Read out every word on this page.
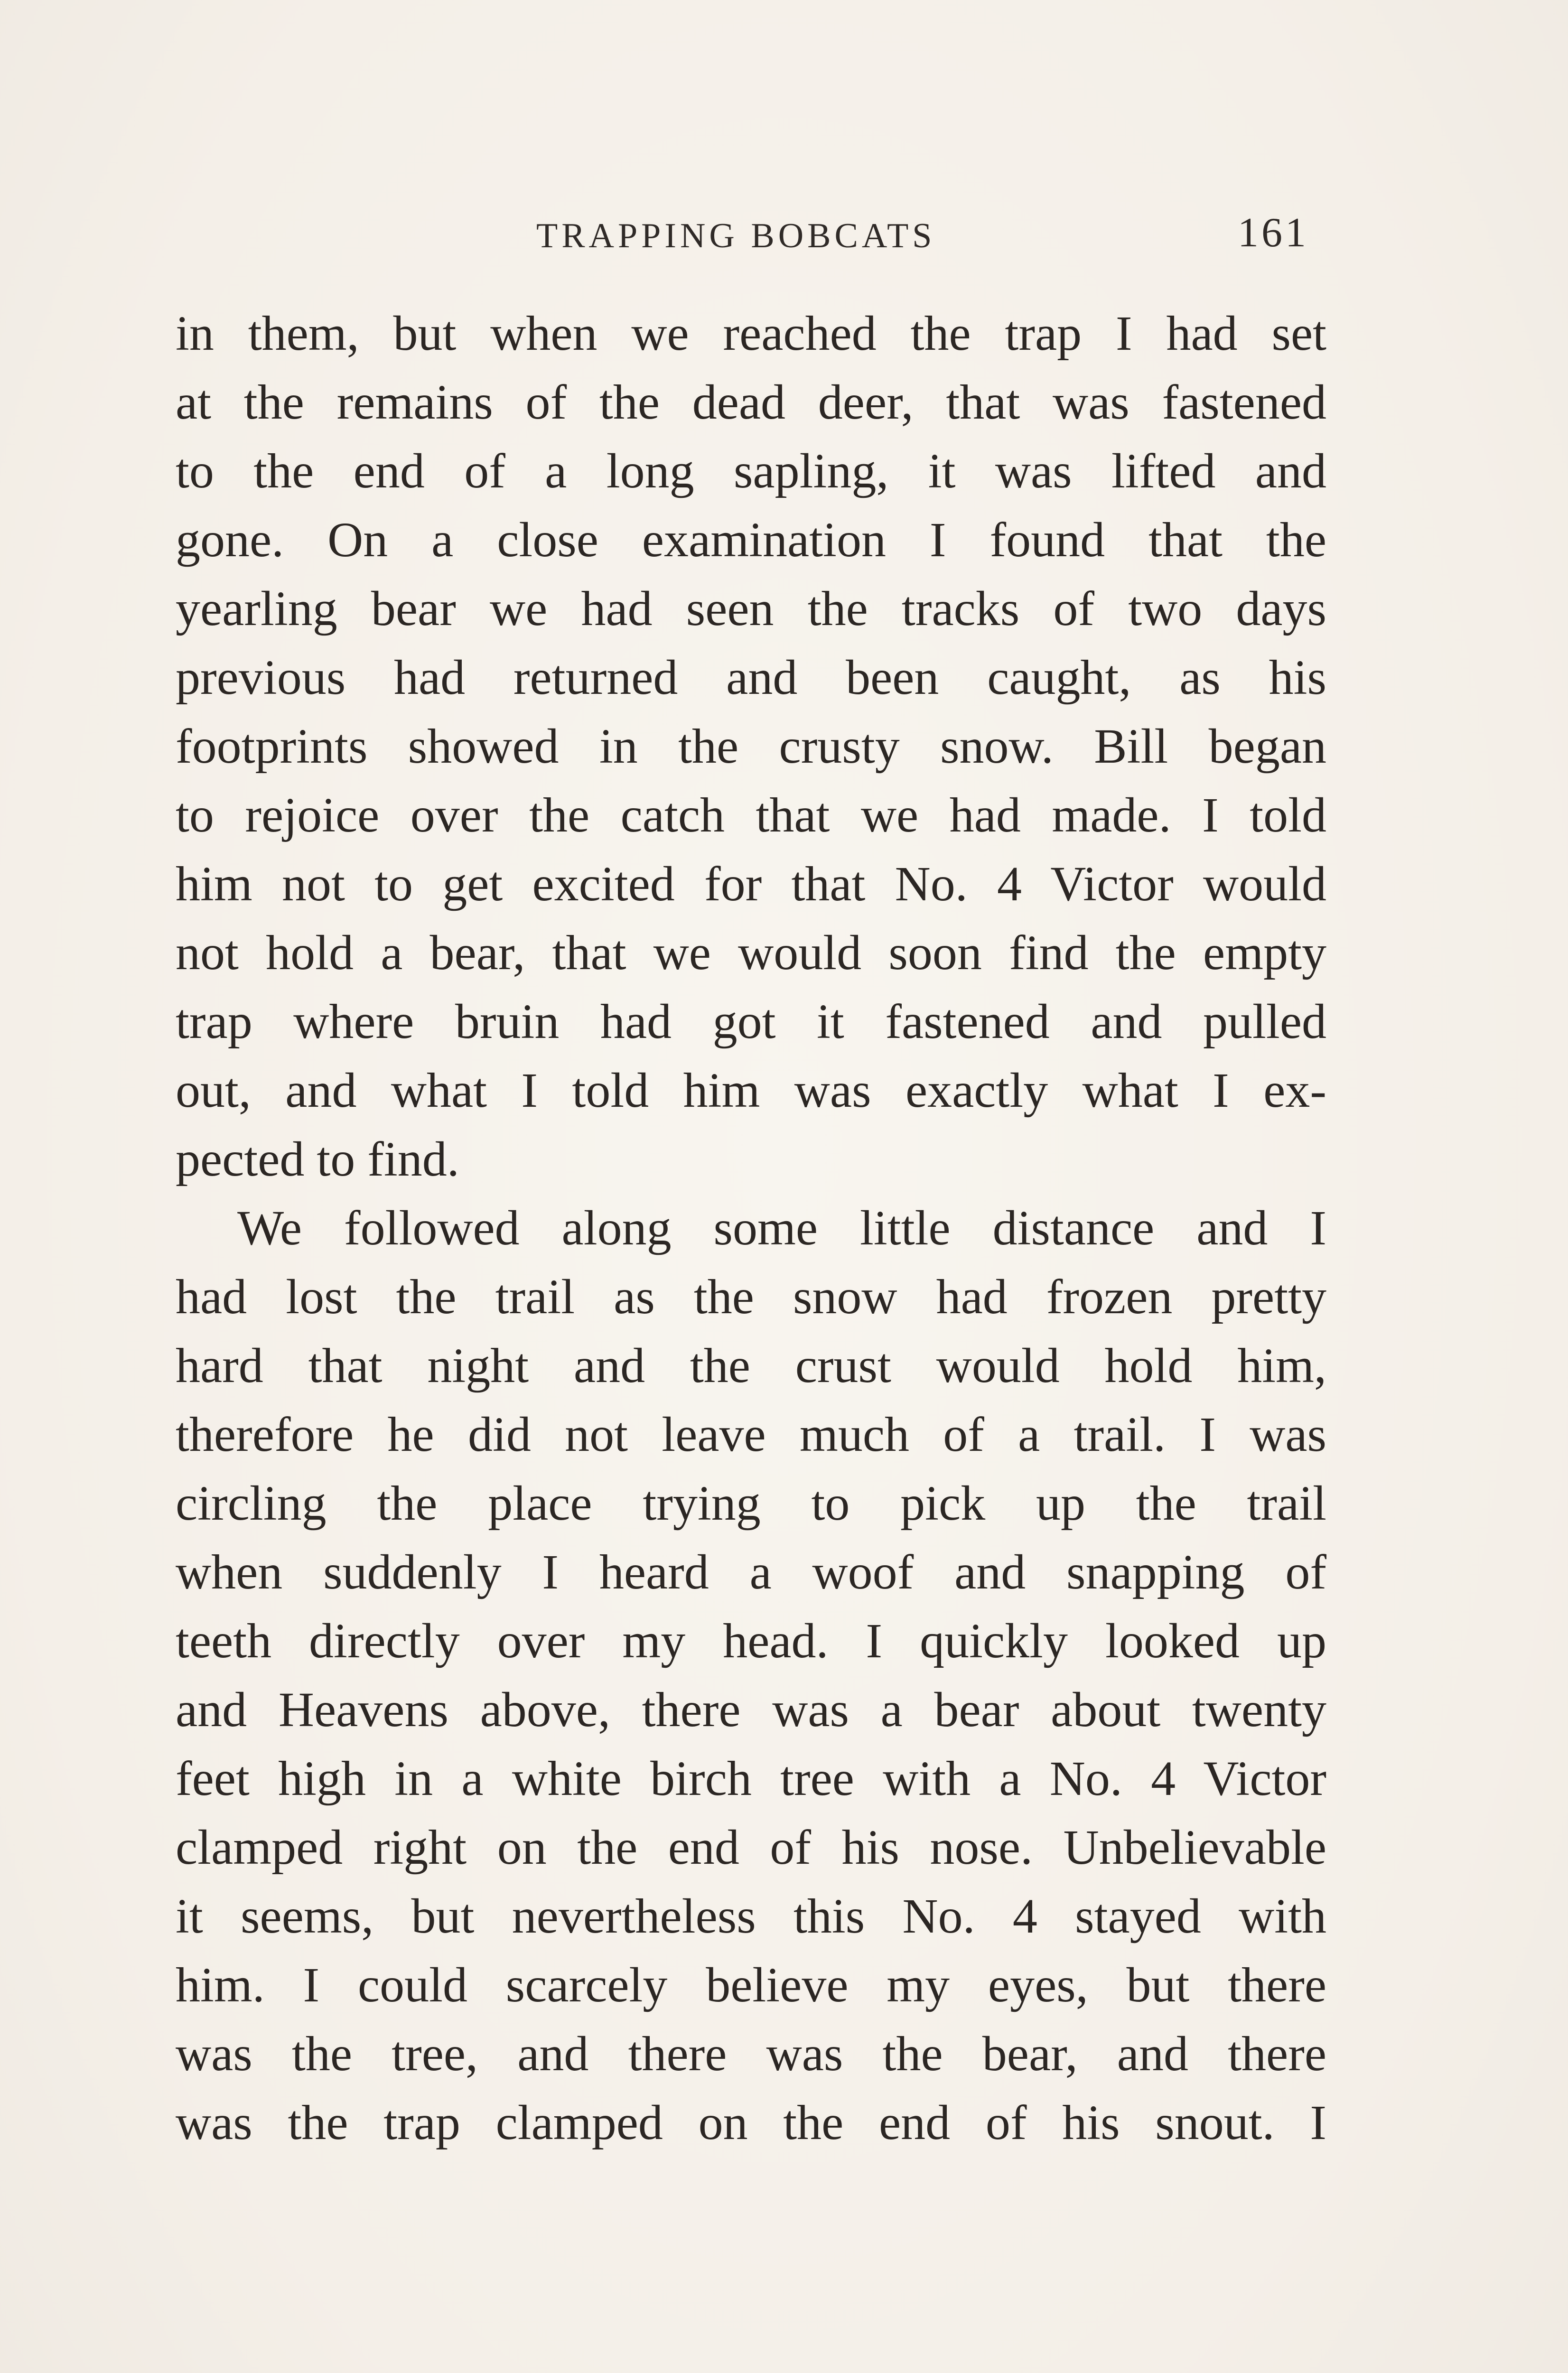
TRAPPING BOBCATS	161
in them, but when we reached the trap I had set
at the remains of the dead deer, that was fastened
to the end of a long sapling, it was lifted and
gone. On a close examination I found that the
yearling bear we had seen the tracks of two days
previous had returned and been caught, as his
footprints showed in the crusty snow. Bill began
to rejoice over the catch that we had made. I told
him not to get excited for that No. 4 Victor would
not hold a bear, that we would soon find the empty
trap where bruin had got it fastened and pulled
out, and what I told him was exactly what I ex-
pected to find.
We followed along some little distance and I
had lost the trail as the snow had frozen pretty
hard that night and the crust would hold him,
therefore he did not leave much of a trail. I was
circling the place trying to pick up the trail
when suddenly I heard a woof and snapping of
teeth directly over my head. I quickly looked up
and Heavens above, there was a bear about twenty
feet high in a white birch tree with a No. 4 Victor
clamped right on the end of his nose. Unbelievable
it seems, but nevertheless this No. 4 stayed with
him. I could scarcely believe my eyes, but there
was the tree, and there was the bear, and there
was the trap clamped on the end of his snout. I
